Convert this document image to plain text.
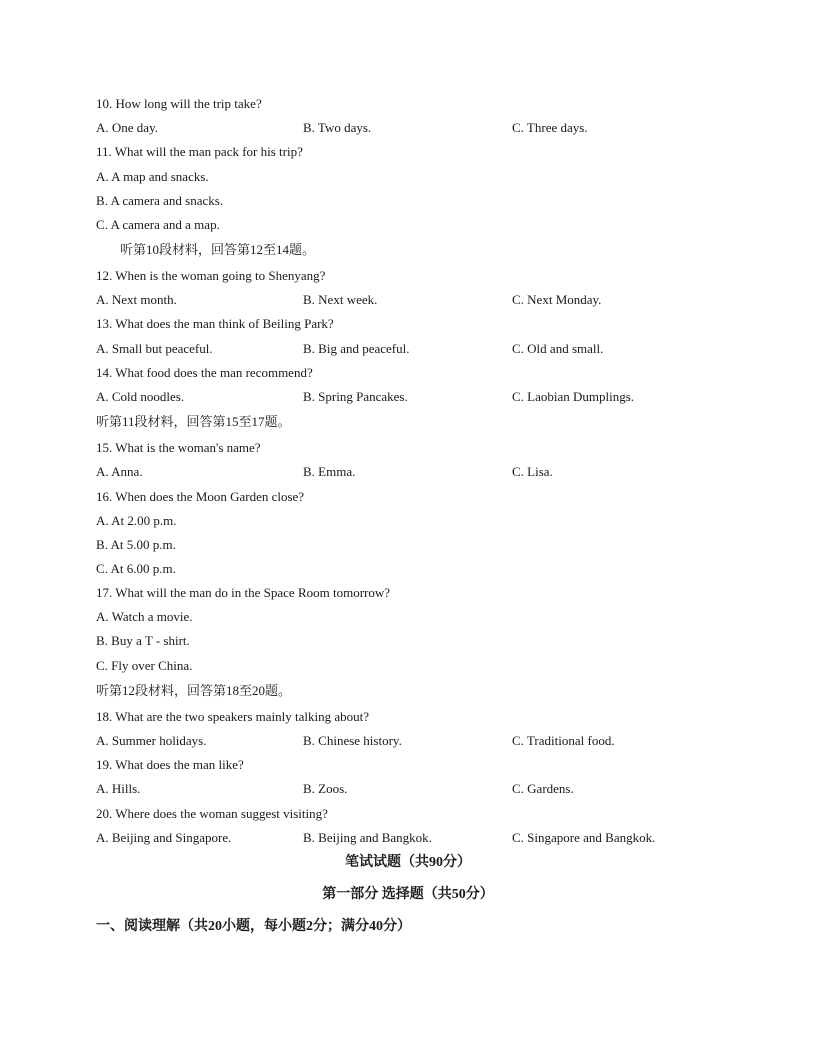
10. How long will the trip take?
A. One day.	B. Two days.	C. Three days.
11. What will the man pack for his trip?
A. A map and snacks.
B. A camera and snacks.
C. A camera and a map.
听第10段材料，回答第12至14题。
12. When is the woman going to Shenyang?
A. Next month.	B. Next week.	C. Next Monday.
13. What does the man think of Beiling Park?
A. Small but peaceful.	B. Big and peaceful.	C. Old and small.
14. What food does the man recommend?
A. Cold noodles.	B. Spring Pancakes.	C. Laobian Dumplings.
听第11段材料，回答第15至17题。
15. What is the woman's name?
A. Anna.	B. Emma.	C. Lisa.
16. When does the Moon Garden close?
A. At 2.00 p.m.
B. At 5.00 p.m.
C. At 6.00 p.m.
17. What will the man do in the Space Room tomorrow?
A. Watch a movie.
B. Buy a T - shirt.
C. Fly over China.
听第12段材料，回答第18至20题。
18. What are the two speakers mainly talking about?
A. Summer holidays.	B. Chinese history.	C. Traditional food.
19. What does the man like?
A. Hills.	B. Zoos.	C. Gardens.
20. Where does the woman suggest visiting?
A. Beijing and Singapore.	B. Beijing and Bangkok.	C. Singapore and Bangkok.
笔试试题（共90分）
第一部分 选择题（共50分）
一、阅读理解（共20小题，每小题2分；满分40分）
